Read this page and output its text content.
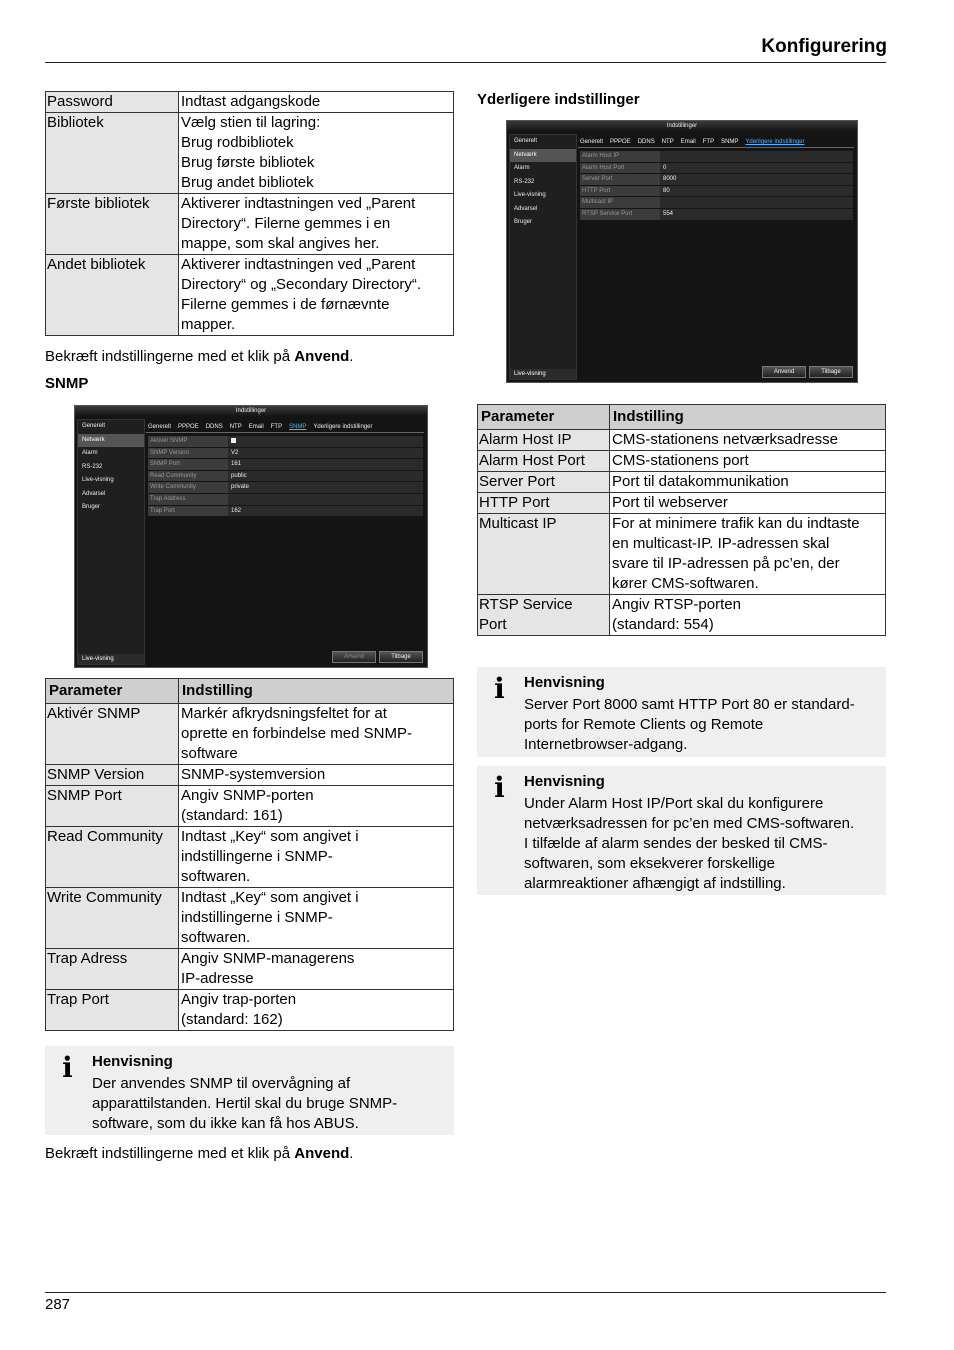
Konfigurering
Password	Indtast adgangskode

Bibliotek	Vælg stien til lagring:
Brug rodbibliotek
Brug første bibliotek
Brug andet bibliotek

Første bibliotek	Aktiverer indtastningen ved „Parent
Directory“. Filerne gemmes i en
mappe, som skal angives her.

Andet bibliotek	Aktiverer indtastningen ved „Parent
Directory“ og „Secondary Directory“.
Filerne gemmes i de førnævnte
mapper.
Bekræft indstillingerne med et klik på Anvend.
SNMP
Indstillinger
Generelt
Netværk
Alarm
RS-232
Live-visning
Advarsel
Bruger
Live-visning
Generelt PPPOE DDNS NTP Email FTP SNMP Yderligere indstillinger
Aktivér SNMP
SNMP Version	V2
SNMP Port	161
Read Community	public
Write Community	private
Trap Address
Trap Port	162
Anvend	Tilbage
Parameter	Indstilling
Aktivér SNMP	Markér afkrydsningsfeltet for at
oprette en forbindelse med SNMP-
software

SNMP Version	SNMP-systemversion

SNMP Port	Angiv SNMP-porten
(standard: 161)

Read Community	Indtast „Key“ som angivet i
indstillingerne i SNMP-
softwaren.

Write Community	Indtast „Key“ som angivet i
indstillingerne i SNMP-
softwaren.

Trap Adress	Angiv SNMP-managerens
IP-adresse

Trap Port	Angiv trap-porten
(standard: 162)
i Henvisning
Der anvendes SNMP til overvågning af
apparattilstanden. Hertil skal du bruge SNMP-
software, som du ikke kan få hos ABUS.
Bekræft indstillingerne med et klik på Anvend.
Yderligere indstillinger
Indstillinger
Generelt
Netværk
Alarm
RS-232
Live-visning
Advarsel
Bruger
Live-visning
Generelt PPPOE DDNS NTP Email FTP SNMP Yderligere indstillinger
Alarm Host IP
Alarm Host Port	0
Server Port	8000
HTTP Port	80
Multicast IP
RTSP Service Port	554
Anvend	Tilbage
Parameter	Indstilling

Alarm Host IP	CMS-stationens netværksadresse

Alarm Host Port	CMS-stationens port

Server Port	Port til datakommunikation

HTTP Port	Port til webserver

Multicast IP	For at minimere trafik kan du indtaste
en multicast-IP. IP-adressen skal
svare til IP-adressen på pc’en, der
kører CMS-softwaren.

RTSP Service
Port	Angiv RTSP-porten
(standard: 554)
i Henvisning
Server Port 8000 samt HTTP Port 80 er standard-
ports for Remote Clients og Remote
Internetbrowser-adgang.
i Henvisning
Under Alarm Host IP/Port skal du konfigurere
netværksadressen for pc’en med CMS-softwaren.
I tilfælde af alarm sendes der besked til CMS-
softwaren, som eksekverer forskellige
alarmreaktioner afhængigt af indstilling.
287
